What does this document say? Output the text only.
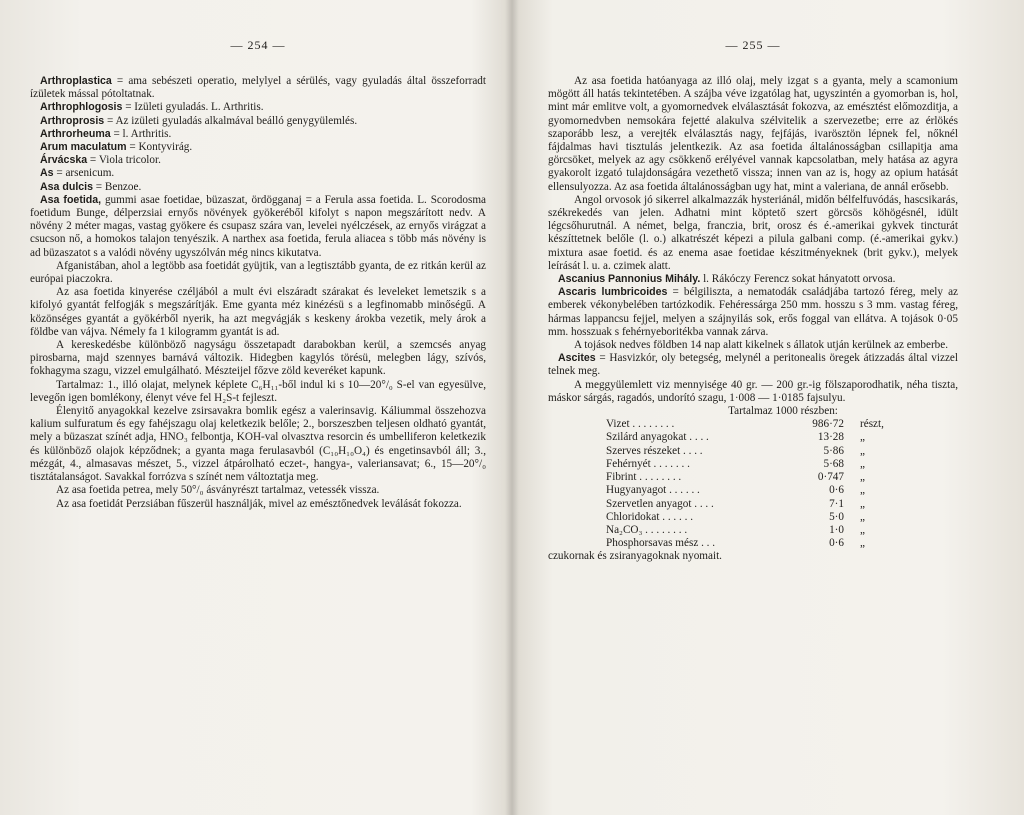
— 254 —

Arthroplastica = ama sebészeti operatio, melylyel a sérülés, vagy gyuladás által összeforradt ízületek mással pótoltatnak.

Arthrophlogosis = Izületi gyuladás. L. Arthritis.

Arthroprosis = Az izületi gyuladás alkalmával beálló genygyülemlés.

Arthrorheuma = l. Arthritis.

Arum maculatum = Kontyvirág.

Árvácska = Viola tricolor.

As = arsenicum.

Asa dulcis = Benzoe.

Asa foetida, gummi asae foetidae, büzaszat, ördögganaj = a Ferula assa foetida. L. Scorodosma foetidum Bunge, délperzsiai ernyős növények gyökeréből kifolyt s napon megszárított nedv. A növény 2 méter magas, vastag gyökere és csupasz szára van, levelei nyélczések, az ernyős virágzat a csucson nő, a homokos talajon tenyészik. A narthex asa foetida, ferula aliacea s több más növény is ad büzaszatot s a valódi növény ugyszólván még nincs kikutatva.

Afganistában, ahol a legtöbb asa foetidát gyüjtik, van a legtisztább gyanta, de ez ritkán kerül az európai piaczokra.

Az asa foetida kinyerése czéljából a mult évi elszáradt szárakat és leveleket lemetszik s a kifolyó gyantát felfogják s megszárítják. Eme gyanta méz kinézésü s a legfinomabb minőségű. A közönséges gyantát a gyökérből nyerik, ha azt megvágják s keskeny árokba vezetik, mely árok a földbe van vájva. Némely fa 1 kilogramm gyantát is ad.

A kereskedésbe különböző nagyságu összetapadt darabokban kerül, a szemcsés anyag pirosbarna, majd szennyes barnává változik. Hidegben kagylós törésü, melegben lágy, szívós, fokhagyma szagu, vizzel emulgálható. Mészteijel főzve zöld keveréket kapunk.

Tartalmaz: 1., illó olajat, melynek képlete C₆H₁₁-ből indul ki s 10—20°/₀ S-el van egyesülve, levegőn igen bomlékony, élenyt véve fel H₂S-t fejleszt.

Élenyitő anyagokkal kezelve zsirsavakra bomlik egész a valerinsavig. Káliummal összehozva kalium sulfuratum és egy fahéjszagu olaj keletkezik belőle; 2., borszeszben teljesen oldható gyantát, mely a büzaszat színét adja, HNO₃ felbontja, KOH-val olvasztva resorcin és umbelliferon keletkezik és különböző olajok képződnek; a gyanta maga ferulasavból (C₁₀H₁₀O₄) és engetinsavból áll; 3., mézgát, 4., almasavas mészet, 5., vizzel átpárolható eczet-, hangya-, valeriansavat; 6., 15—20°/₀ tisztátalanságot. Savakkal forrózva s színét nem változtatja meg.

Az asa foetida petrea, mely 50°/₀ ásványrészt tartalmaz, vetessék vissza.

Az asa foetidát Perzsiában fűszerül használják, mivel az emésztőnedvek leválását fokozza.

— 255 —

Az asa foetida hatóanyaga az illó olaj, mely izgat s a gyanta, mely a scamonium mögött áll hatás tekintetében. A szájba véve izgatólag hat, ugyszintén a gyomorban is, hol, mint már emlitve volt, a gyomornedvek elválasztását fokozva, az emésztést előmozditja, a gyomornedvben nemsokára fejetté alakulva szélvitelik a szervezetbe; erre az érlökés szaporább lesz, a verejték elválasztás nagy, fejfájás, ivarösztön lépnek fel, nőknél fájdalmas havi tisztulás jelentkezik. Az asa foetida általánosságban csillapitja ama görcsöket, melyek az agy csökkenő erélyével vannak kapcsolatban, mely hatása az agyra gyakorolt izgató tulajdonságára vezethető vissza; innen van az is, hogy az opium hatását ellensulyozza. Az asa foetida általánosságban ugy hat, mint a valeriana, de annál erősebb.

Angol orvosok jó sikerrel alkalmazzák hysteriánál, midőn bélfelfuvódás, hascsikarás, székrekedés van jelen. Adhatni mint köptető szert görcsös köhögésnél, idült légcsőhurutnál. A német, belga, franczia, brit, orosz és é.-amerikai gykvek tincturát készíttetnek belőle (l. o.) alkatrészét képezi a pilula galbani comp. (é.-amerikai gykv.) mixtura asae foetid. és az enema asae foetidae készitményeknek (brit gykv.), melyek leírását l. u. a. czimek alatt.

Ascanius Pannonius Mihály. l. Rákóczy Ferencz sokat hányatott orvosa.

Ascaris lumbricoides = bélgiliszta, a nematodák családjába tartozó féreg, mely az emberek vékonybelében tartózkodik. Fehéressárga 250 mm. hosszu s 3 mm. vastag féreg, hármas lappancsu fejjel, melyen a szájnyilás sok, erős foggal van ellátva. A tojások 0·05 mm. hosszuak s fehérnyeboritékba vannak zárva.

A tojások nedves földben 14 nap alatt kikelnek s állatok utján kerülnek az emberbe.

Ascites = Hasvizkór, oly betegség, melynél a peritonealis öregek átizzadás által vizzel telnek meg.

A meggyülemlett viz mennyisége 40 gr. — 200 gr.-ig fölszaporodhatik, néha tiszta, máskor sárgás, ragadós, undorító szagu, 1·008 — 1·0185 fajsulyu.

Tartalmaz 1000 részben:
Vizet . . . . . . . .	986·72	részt,
Szilárd anyagokat . . . .	13·28	„
Szerves részeket . . . .	5·86	„
Fehérnyét . . . . . . .	5·68	„
Fibrint . . . . . . . .	0·747	„
Hugyanyagot . . . . . .	0·6	„
Szervetlen anyagot . . . .	7·1	„
Chloridokat . . . . . .	5·0	„
Na₂CO₃ . . . . . . . .	1·0	„
Phosphorsavas mész . . .	0·6	„
czukornak és zsiranyagoknak nyomait.
